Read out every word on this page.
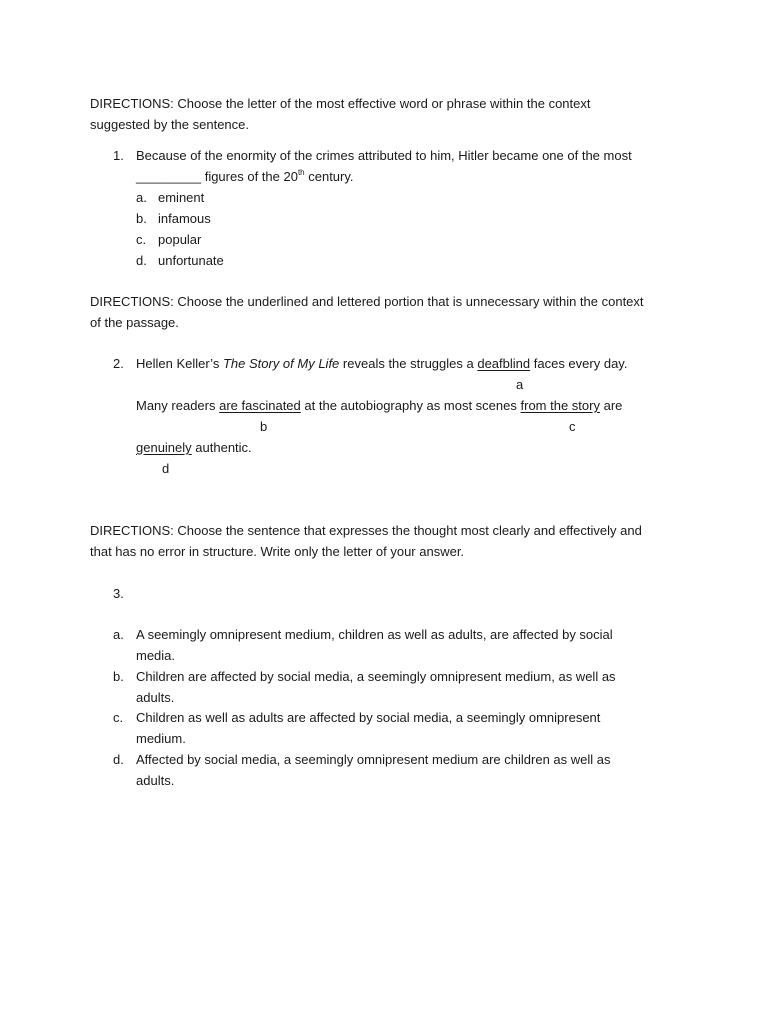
DIRECTIONS: Choose the letter of the most effective word or phrase within the context
suggested by the sentence.
1. Because of the enormity of the crimes attributed to him, Hitler became one of the most
_________ figures of the 20th century.
a. eminent
b. infamous
c. popular
d. unfortunate
DIRECTIONS: Choose the underlined and lettered portion that is unnecessary within the context
of the passage.
2. Hellen Keller’s The Story of My Life reveals the struggles a deafblind faces every day.
a
Many readers are fascinated at the autobiography as most scenes from the story are
b	c
genuinely authentic.
d
DIRECTIONS: Choose the sentence that expresses the thought most clearly and effectively and
that has no error in structure. Write only the letter of your answer.
3.
a. A seemingly omnipresent medium, children as well as adults, are affected by social
media.
b. Children are affected by social media, a seemingly omnipresent medium, as well as
adults.
c. Children as well as adults are affected by social media, a seemingly omnipresent
medium.
d. Affected by social media, a seemingly omnipresent medium are children as well as
adults.
